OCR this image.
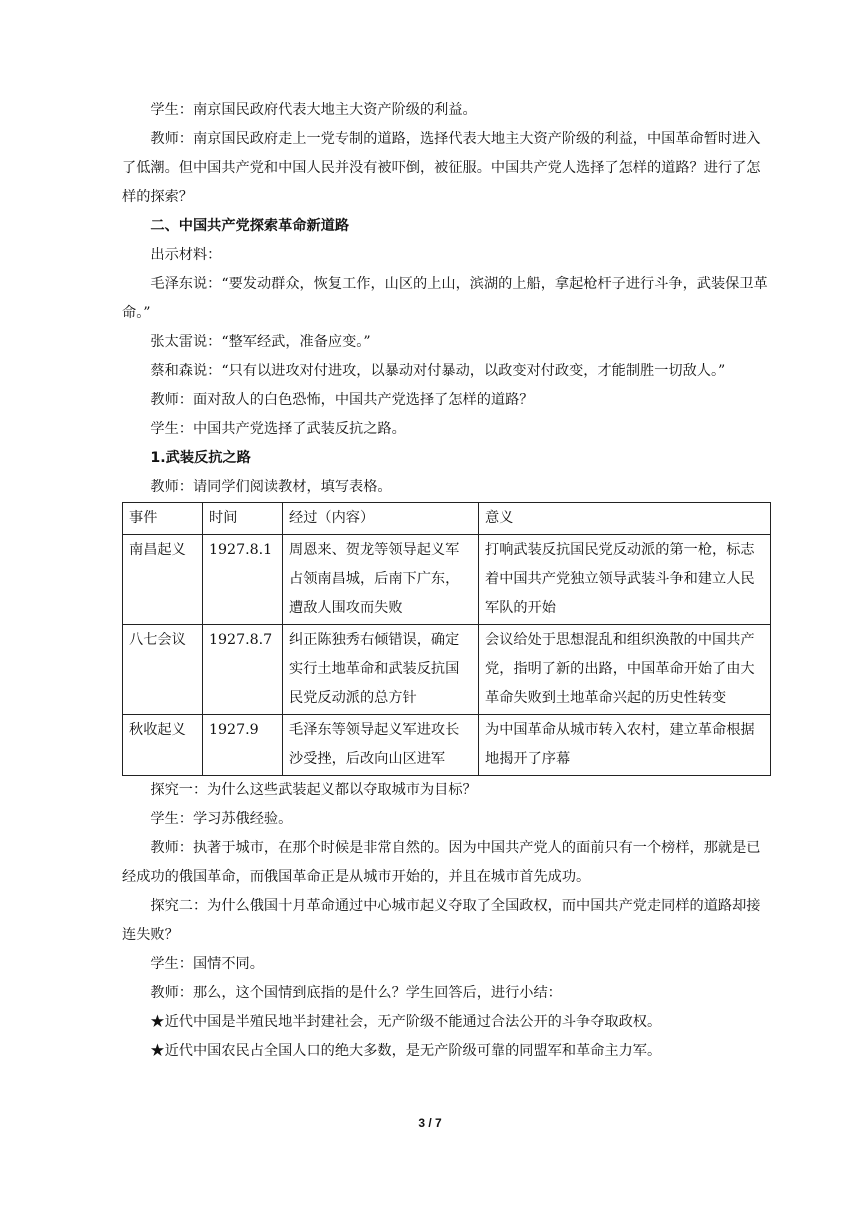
学生：南京国民政府代表大地主大资产阶级的利益。

教师：南京国民政府走上一党专制的道路，选择代表大地主大资产阶级的利益，中国革命暂时进入了低潮。但中国共产党和中国人民并没有被吓倒，被征服。中国共产党人选择了怎样的道路？进行了怎样的探索？

二、中国共产党探索革命新道路

出示材料：

毛泽东说：“要发动群众，恢复工作，山区的上山，滨湖的上船，拿起枪杆子进行斗争，武装保卫革命。”

张太雷说：“整军经武，准备应变。”

蔡和森说：“只有以进攻对付进攻，以暴动对付暴动，以政变对付政变，才能制胜一切敌人。”

教师：面对敌人的白色恐怖，中国共产党选择了怎样的道路？

学生：中国共产党选择了武装反抗之路。

1.武装反抗之路

教师：请同学们阅读教材，填写表格。

事件	时间	经过（内容）	意义
南昌起义	1927.8.1	周恩来、贺龙等领导起义军占领南昌城，后南下广东，遭敌人围攻而失败	打响武装反抗国民党反动派的第一枪，标志着中国共产党独立领导武装斗争和建立人民军队的开始
八七会议	1927.8.7	纠正陈独秀右倾错误，确定实行土地革命和武装反抗国民党反动派的总方针	会议给处于思想混乱和组织涣散的中国共产党，指明了新的出路，中国革命开始了由大革命失败到土地革命兴起的历史性转变
秋收起义	1927.9	毛泽东等领导起义军进攻长沙受挫，后改向山区进军	为中国革命从城市转入农村，建立革命根据地揭开了序幕

探究一：为什么这些武装起义都以夺取城市为目标？

学生：学习苏俄经验。

教师：执著于城市，在那个时候是非常自然的。因为中国共产党人的面前只有一个榜样，那就是已经成功的俄国革命，而俄国革命正是从城市开始的，并且在城市首先成功。

探究二：为什么俄国十月革命通过中心城市起义夺取了全国政权，而中国共产党走同样的道路却接连失败？

学生：国情不同。

教师：那么，这个国情到底指的是什么？学生回答后，进行小结：

★近代中国是半殖民地半封建社会，无产阶级不能通过合法公开的斗争夺取政权。

★近代中国农民占全国人口的绝大多数，是无产阶级可靠的同盟军和革命主力军。

3 / 7
